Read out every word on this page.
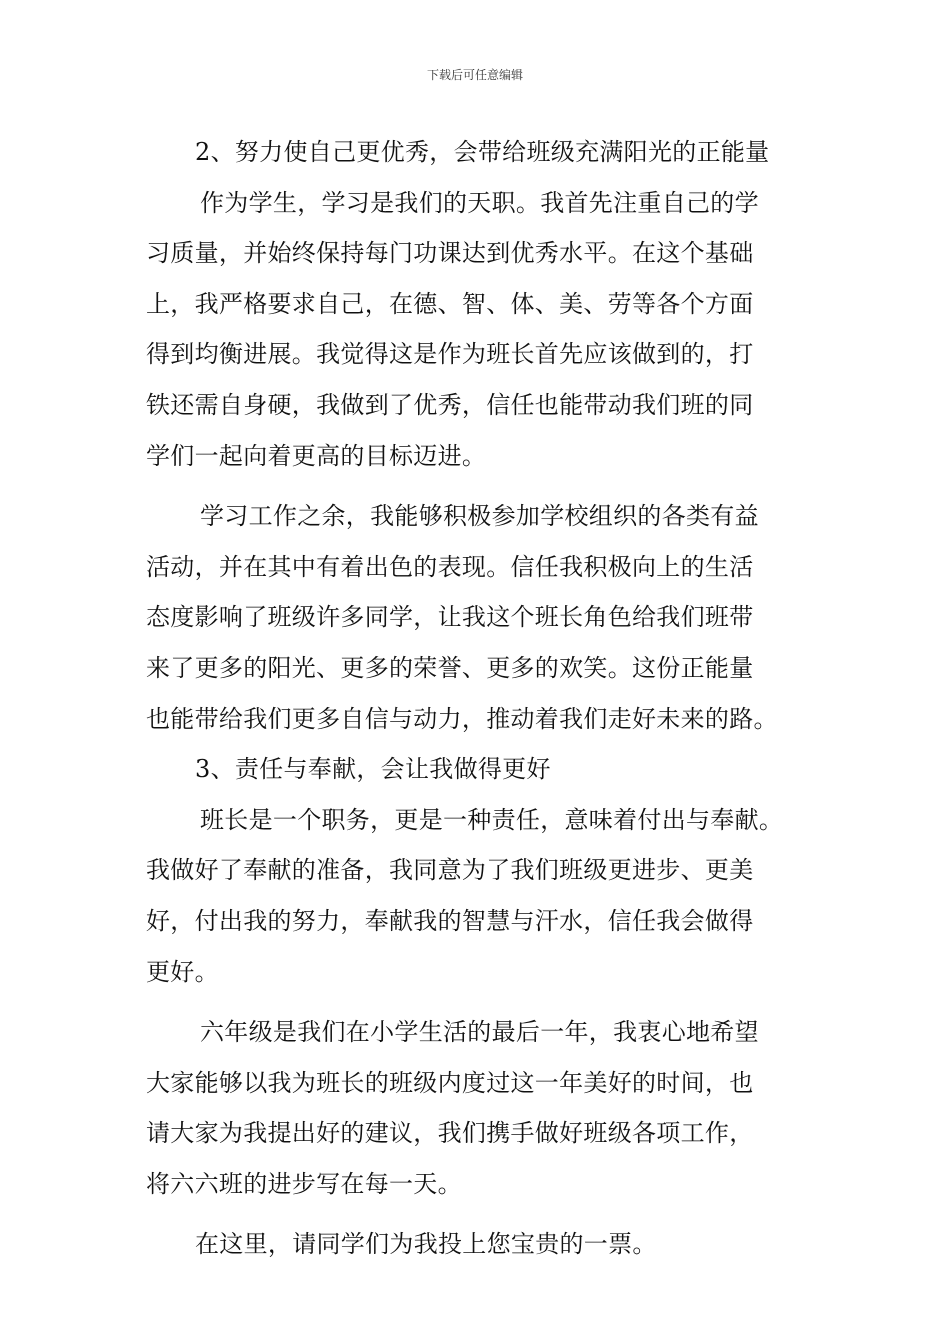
下载后可任意编辑
2、努力使自己更优秀，会带给班级充满阳光的正能量
作为学生，学习是我们的天职。我首先注重自己的学
习质量，并始终保持每门功课达到优秀水平。在这个基础
上，我严格要求自己，在德、智、体、美、劳等各个方面
得到均衡进展。我觉得这是作为班长首先应该做到的，打
铁还需自身硬，我做到了优秀，信任也能带动我们班的同
学们一起向着更高的目标迈进。
学习工作之余，我能够积极参加学校组织的各类有益
活动，并在其中有着出色的表现。信任我积极向上的生活
态度影响了班级许多同学，让我这个班长角色给我们班带
来了更多的阳光、更多的荣誉、更多的欢笑。这份正能量
也能带给我们更多自信与动力，推动着我们走好未来的路。
3、责任与奉献，会让我做得更好
班长是一个职务，更是一种责任，意味着付出与奉献。
我做好了奉献的准备，我同意为了我们班级更进步、更美
好，付出我的努力，奉献我的智慧与汗水，信任我会做得
更好。
六年级是我们在小学生活的最后一年，我衷心地希望
大家能够以我为班长的班级内度过这一年美好的时间，也
请大家为我提出好的建议，我们携手做好班级各项工作，
将六六班的进步写在每一天。
在这里，请同学们为我投上您宝贵的一票。
